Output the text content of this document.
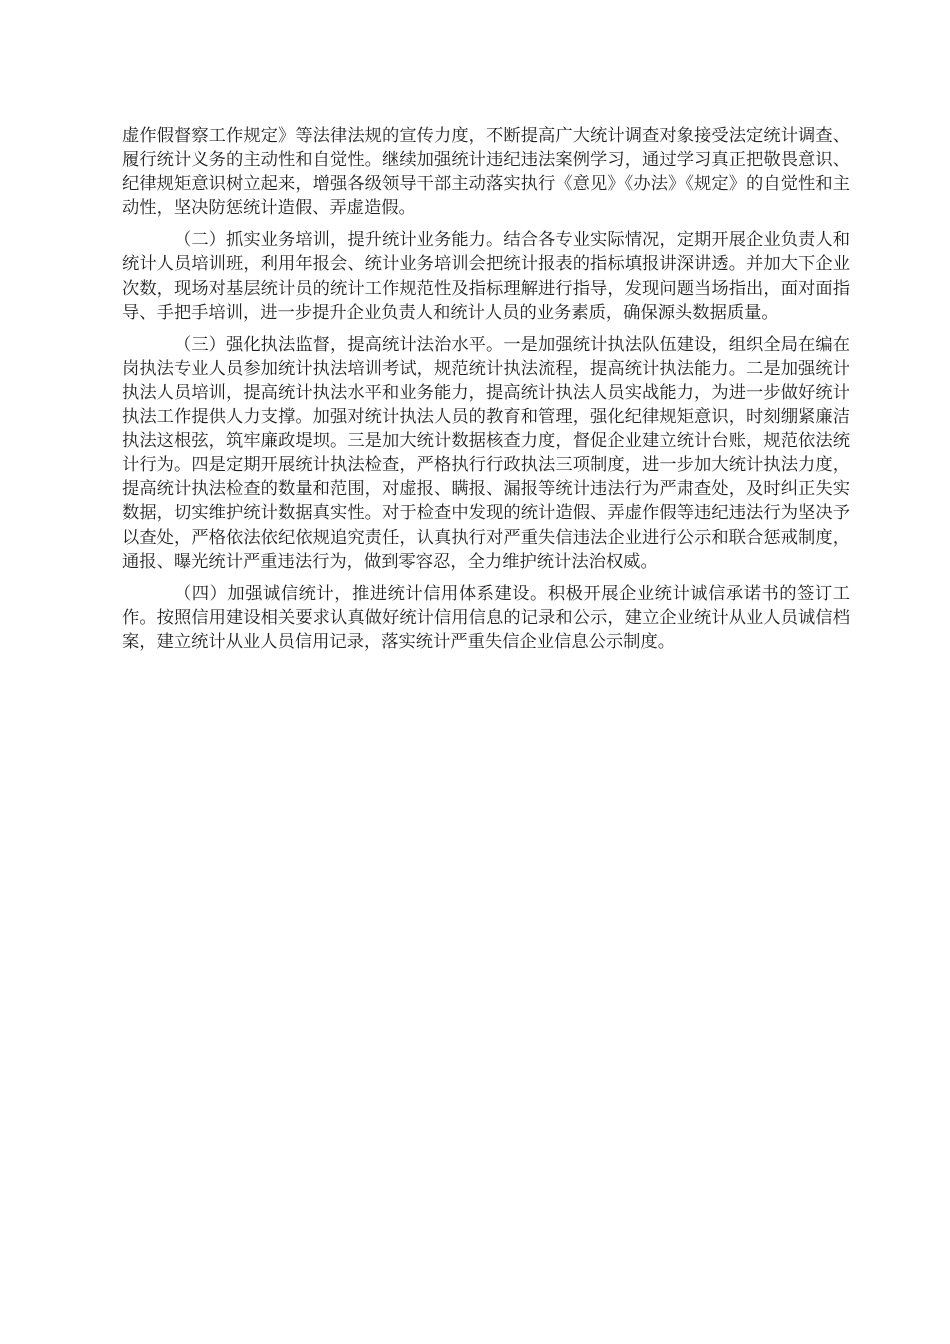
虚作假督察工作规定》等法律法规的宣传力度，不断提高广大统计调查对象接受法定统计调查、履行统计义务的主动性和自觉性。继续加强统计违纪违法案例学习，通过学习真正把敬畏意识、纪律规矩意识树立起来，增强各级领导干部主动落实执行《意见》《办法》《规定》的自觉性和主动性，坚决防惩统计造假、弄虚造假。

（二）抓实业务培训，提升统计业务能力。结合各专业实际情况，定期开展企业负责人和统计人员培训班，利用年报会、统计业务培训会把统计报表的指标填报讲深讲透。并加大下企业次数，现场对基层统计员的统计工作规范性及指标理解进行指导，发现问题当场指出，面对面指导、手把手培训，进一步提升企业负责人和统计人员的业务素质，确保源头数据质量。

（三）强化执法监督，提高统计法治水平。一是加强统计执法队伍建设，组织全局在编在岗执法专业人员参加统计执法培训考试，规范统计执法流程，提高统计执法能力。二是加强统计执法人员培训，提高统计执法水平和业务能力，提高统计执法人员实战能力，为进一步做好统计执法工作提供人力支撑。加强对统计执法人员的教育和管理，强化纪律规矩意识，时刻绷紧廉洁执法这根弦，筑牢廉政堤坝。三是加大统计数据核查力度，督促企业建立统计台账，规范依法统计行为。四是定期开展统计执法检查，严格执行行政执法三项制度，进一步加大统计执法力度，提高统计执法检查的数量和范围，对虚报、瞒报、漏报等统计违法行为严肃查处，及时纠正失实数据，切实维护统计数据真实性。对于检查中发现的统计造假、弄虚作假等违纪违法行为坚决予以查处，严格依法依纪依规追究责任，认真执行对严重失信违法企业进行公示和联合惩戒制度，通报、曝光统计严重违法行为，做到零容忍，全力维护统计法治权威。

（四）加强诚信统计，推进统计信用体系建设。积极开展企业统计诚信承诺书的签订工作。按照信用建设相关要求认真做好统计信用信息的记录和公示，建立企业统计从业人员诚信档案，建立统计从业人员信用记录，落实统计严重失信企业信息公示制度。
